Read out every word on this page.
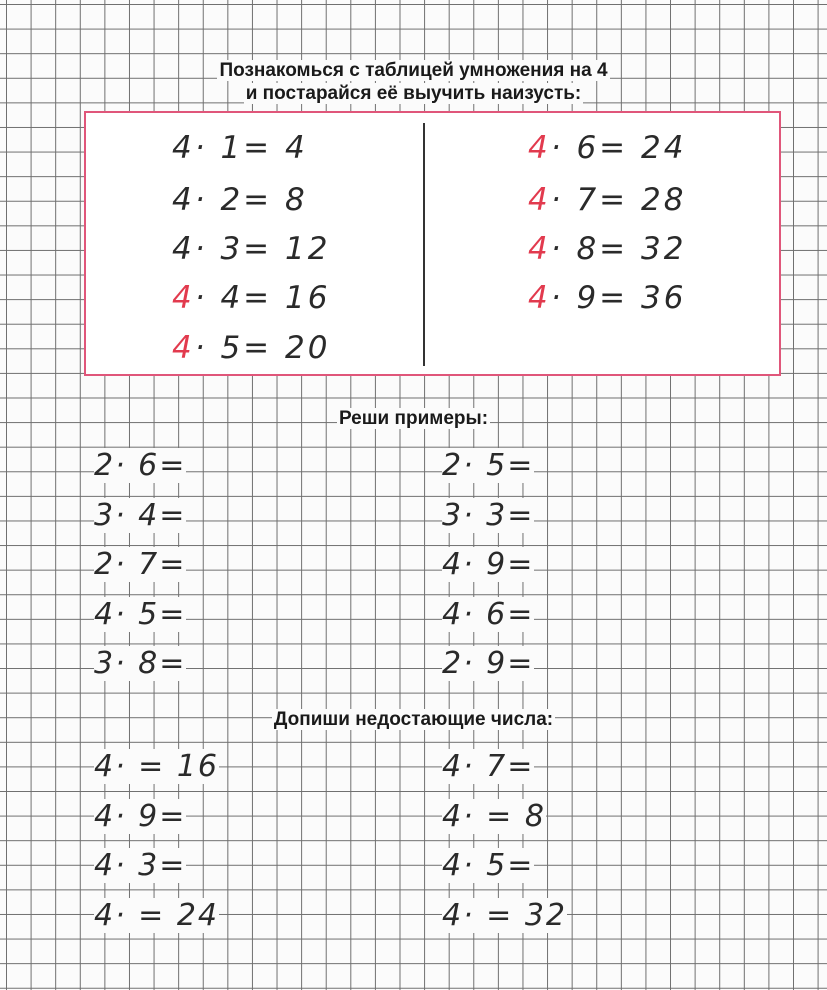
Познакомься с таблицей умножения на 4
и постарайся её выучить наизусть:
4· 1= 4
4· 2= 8
4· 3= 12
4· 4= 16
4· 5= 20
4· 6= 24
4· 7= 28
4· 8= 32
4· 9= 36
Реши примеры:
2· 6=
3· 4=
2· 7=
4· 5=
3· 8=
2· 5=
3· 3=
4· 9=
4· 6=
2· 9=
Допиши недостающие числа:
4· = 16
4· 9=
4· 3=
4· = 24
4· 7=
4· = 8
4· 5=
4· = 32
